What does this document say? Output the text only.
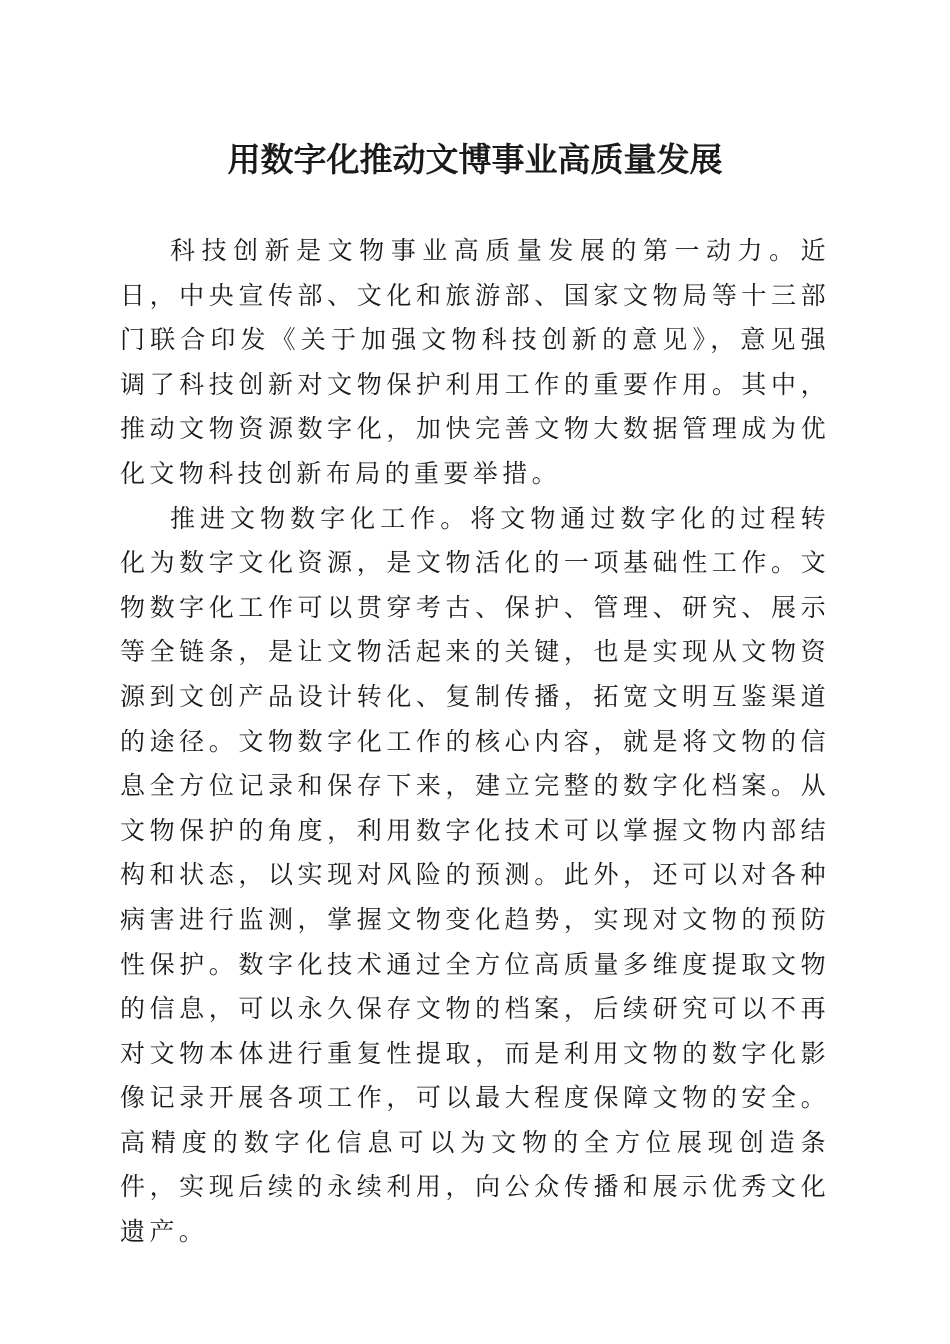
用数字化推动文博事业高质量发展

科技创新是文物事业高质量发展的第一动力。近日，中央宣传部、文化和旅游部、国家文物局等十三部门联合印发《关于加强文物科技创新的意见》，意见强调了科技创新对文物保护利用工作的重要作用。其中，推动文物资源数字化，加快完善文物大数据管理成为优化文物科技创新布局的重要举措。

推进文物数字化工作。将文物通过数字化的过程转化为数字文化资源，是文物活化的一项基础性工作。文物数字化工作可以贯穿考古、保护、管理、研究、展示等全链条，是让文物活起来的关键，也是实现从文物资源到文创产品设计转化、复制传播，拓宽文明互鉴渠道的途径。文物数字化工作的核心内容，就是将文物的信息全方位记录和保存下来，建立完整的数字化档案。从文物保护的角度，利用数字化技术可以掌握文物内部结构和状态，以实现对风险的预测。此外，还可以对各种病害进行监测，掌握文物变化趋势，实现对文物的预防性保护。数字化技术通过全方位高质量多维度提取文物的信息，可以永久保存文物的档案，后续研究可以不再对文物本体进行重复性提取，而是利用文物的数字化影像记录开展各项工作，可以最大程度保障文物的安全。高精度的数字化信息可以为文物的全方位展现创造条件，实现后续的永续利用，向公众传播和展示优秀文化遗产。
